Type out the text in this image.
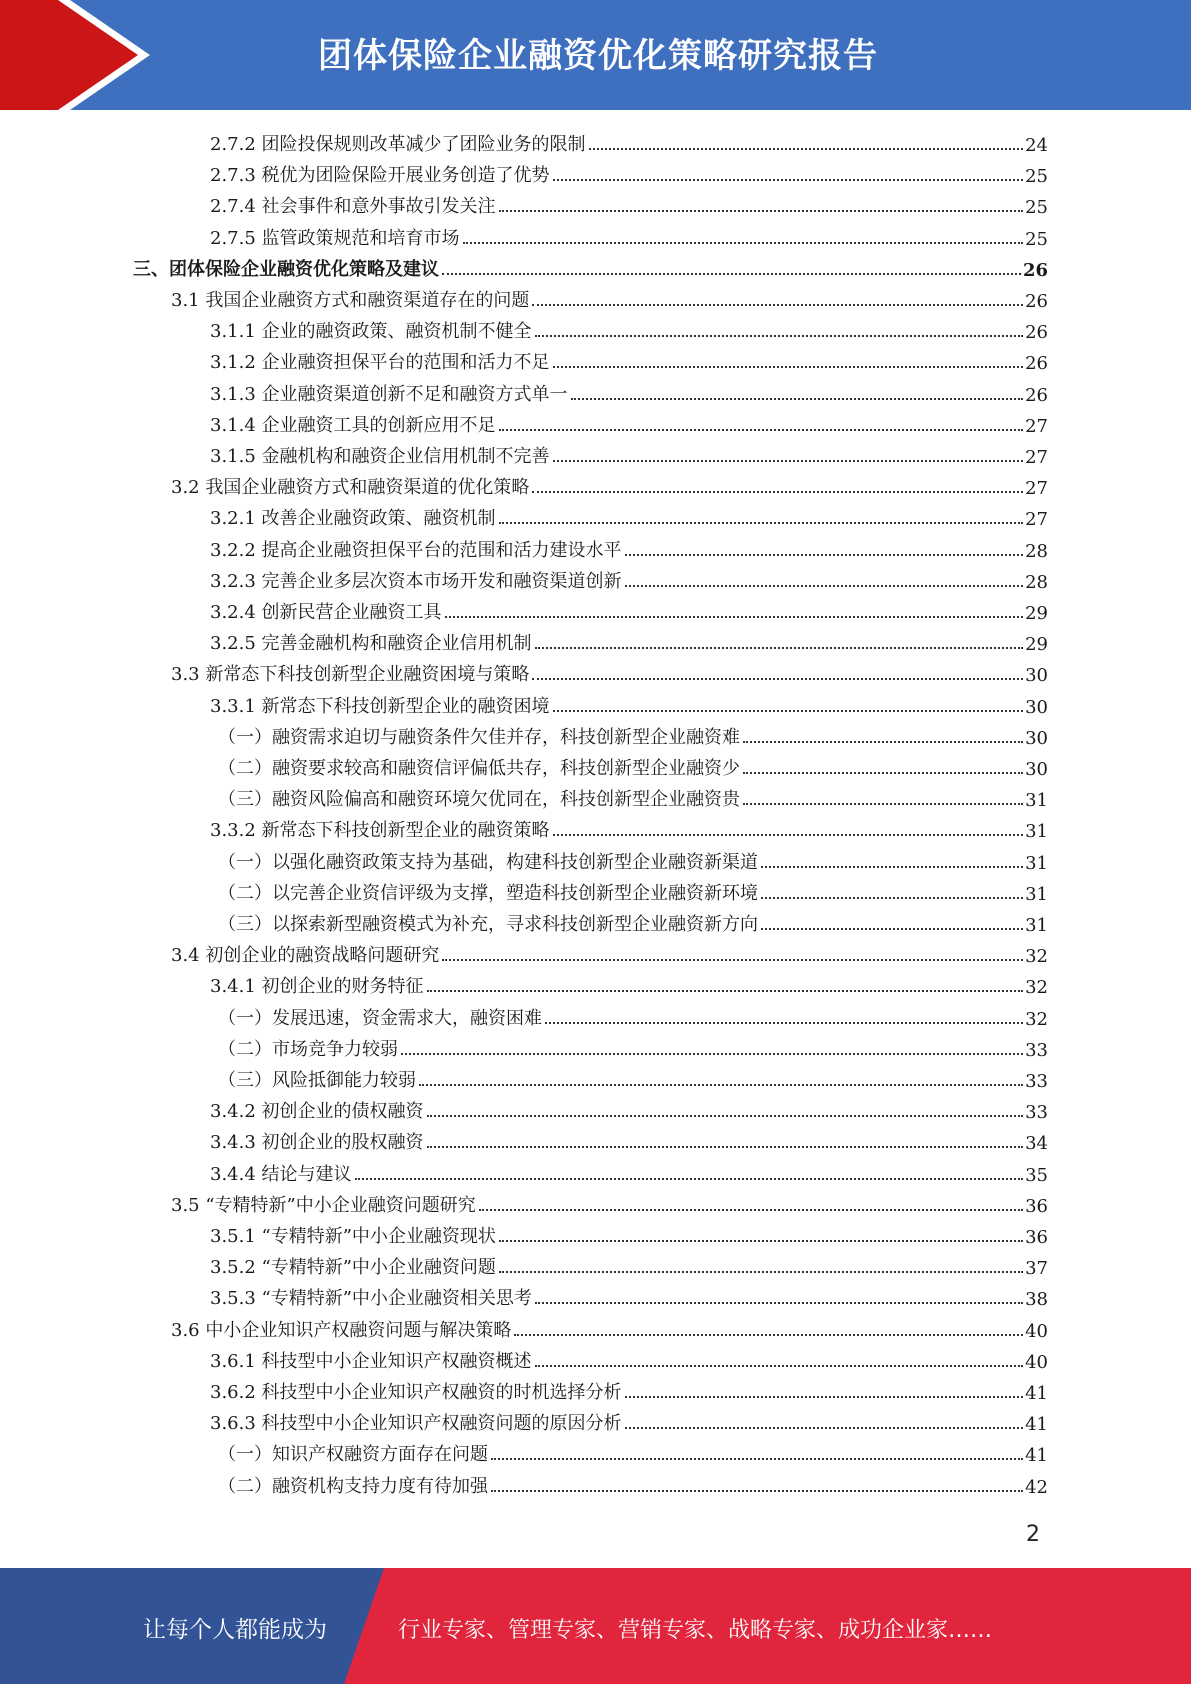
团体保险企业融资优化策略研究报告
2.7.2 团险投保规则改革减少了团险业务的限制	24
2.7.3 税优为团险保险开展业务创造了优势	25
2.7.4 社会事件和意外事故引发关注	25
2.7.5 监管政策规范和培育市场	25
三、团体保险企业融资优化策略及建议	26
3.1 我国企业融资方式和融资渠道存在的问题	26
3.1.1 企业的融资政策、融资机制不健全	26
3.1.2 企业融资担保平台的范围和活力不足	26
3.1.3 企业融资渠道创新不足和融资方式单一	26
3.1.4 企业融资工具的创新应用不足	27
3.1.5 金融机构和融资企业信用机制不完善	27
3.2 我国企业融资方式和融资渠道的优化策略	27
3.2.1 改善企业融资政策、融资机制	27
3.2.2 提高企业融资担保平台的范围和活力建设水平	28
3.2.3 完善企业多层次资本市场开发和融资渠道创新	28
3.2.4 创新民营企业融资工具	29
3.2.5 完善金融机构和融资企业信用机制	29
3.3 新常态下科技创新型企业融资困境与策略	30
3.3.1 新常态下科技创新型企业的融资困境	30
（一）融资需求迫切与融资条件欠佳并存，科技创新型企业融资难	30
（二）融资要求较高和融资信评偏低共存，科技创新型企业融资少	30
（三）融资风险偏高和融资环境欠优同在，科技创新型企业融资贵	31
3.3.2 新常态下科技创新型企业的融资策略	31
（一）以强化融资政策支持为基础，构建科技创新型企业融资新渠道	31
（二）以完善企业资信评级为支撑，塑造科技创新型企业融资新环境	31
（三）以探索新型融资模式为补充，寻求科技创新型企业融资新方向	31
3.4 初创企业的融资战略问题研究	32
3.4.1 初创企业的财务特征	32
（一）发展迅速，资金需求大，融资困难	32
（二）市场竞争力较弱	33
（三）风险抵御能力较弱	33
3.4.2 初创企业的债权融资	33
3.4.3 初创企业的股权融资	34
3.4.4 结论与建议	35
3.5 “专精特新”中小企业融资问题研究	36
3.5.1 “专精特新”中小企业融资现状	36
3.5.2 “专精特新”中小企业融资问题	37
3.5.3 “专精特新”中小企业融资相关思考	38
3.6 中小企业知识产权融资问题与解决策略	40
3.6.1 科技型中小企业知识产权融资概述	40
3.6.2 科技型中小企业知识产权融资的时机选择分析	41
3.6.3 科技型中小企业知识产权融资问题的原因分析	41
（一）知识产权融资方面存在问题	41
（二）融资机构支持力度有待加强	42
2
让每个人都能成为	行业专家、管理专家、营销专家、战略专家、成功企业家……
